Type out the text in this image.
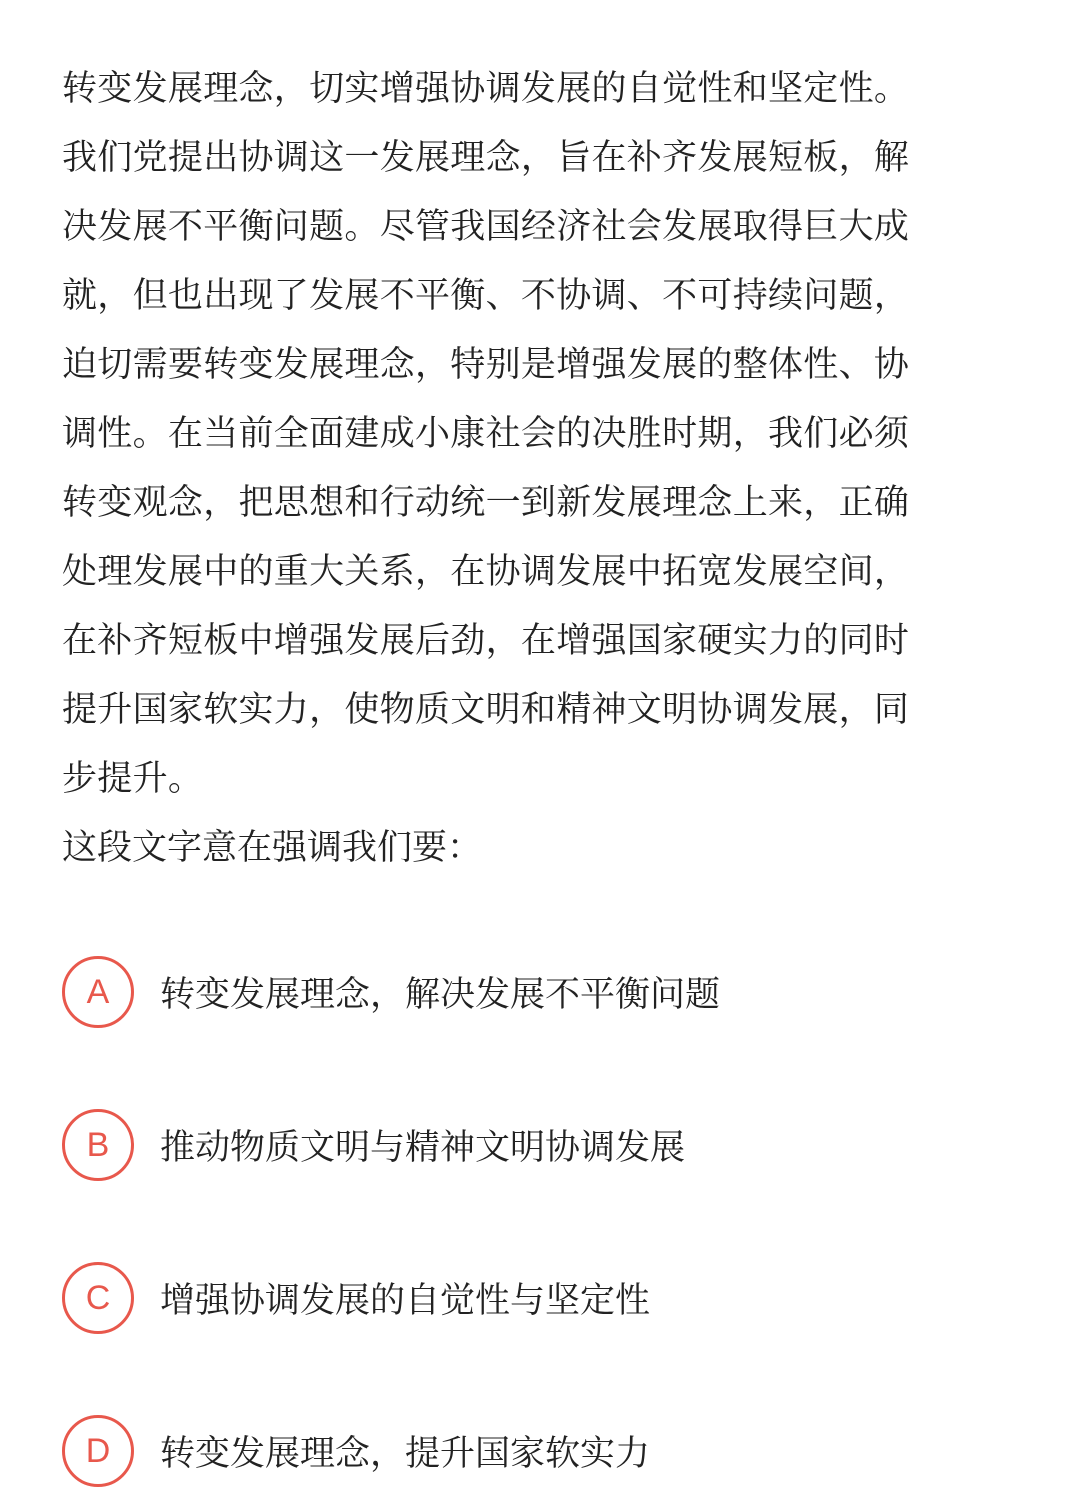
转变发展理念，切实增强协调发展的自觉性和坚定性。
我们党提出协调这一发展理念，旨在补齐发展短板，解
决发展不平衡问题。尽管我国经济社会发展取得巨大成
就，但也出现了发展不平衡、不协调、不可持续问题，
迫切需要转变发展理念，特别是增强发展的整体性、协
调性。在当前全面建成小康社会的决胜时期，我们必须
转变观念，把思想和行动统一到新发展理念上来，正确
处理发展中的重大关系，在协调发展中拓宽发展空间，
在补齐短板中增强发展后劲，在增强国家硬实力的同时
提升国家软实力，使物质文明和精神文明协调发展，同
步提升。
这段文字意在强调我们要：
A	转变发展理念，解决发展不平衡问题
B	推动物质文明与精神文明协调发展
C	增强协调发展的自觉性与坚定性
D	转变发展理念，提升国家软实力
